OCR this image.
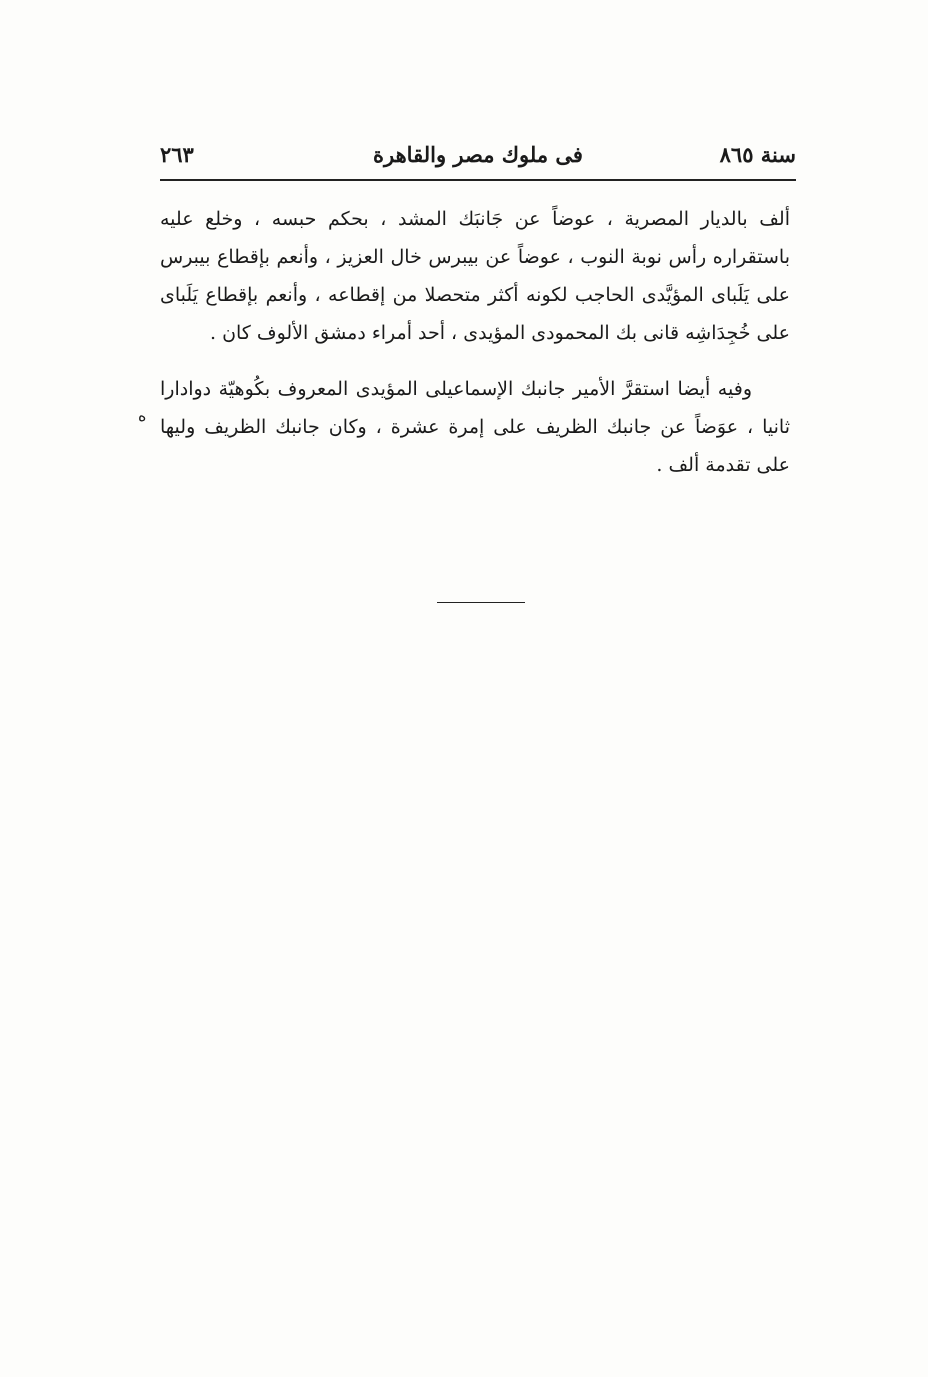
سنة ٨٦٥
فى ملوك مصر والقاهرة
٢٦٣

ألف بالديار المصرية ، عوضاً عن جَانبَك المشد ، بحكم حبسه ، وخلع عليه باستقراره رأس نوبة النوب ، عوضاً عن بيبرس خال العزيز ، وأنعم بإقطاع بيبرس على يَلَباى المؤيَّدى الحاجب لكونه أكثر متحصلا من إقطاعه ، وأنعم بإقطاع يَلَباى على خُجِدَاشِه قانى بك المحمودى المؤيدى ، أحد أمراء دمشق الألوف كان .

وفيه أيضا استقرَّ الأمير جانبك الإسماعيلى المؤيدى المعروف بكُوهيّة دوادارا ثانيا ، عوَضاً عن جانبك الظريف على إمرة عشرة ، وكان جانبك الظريف وليها على تقدمة ألف .

ه
